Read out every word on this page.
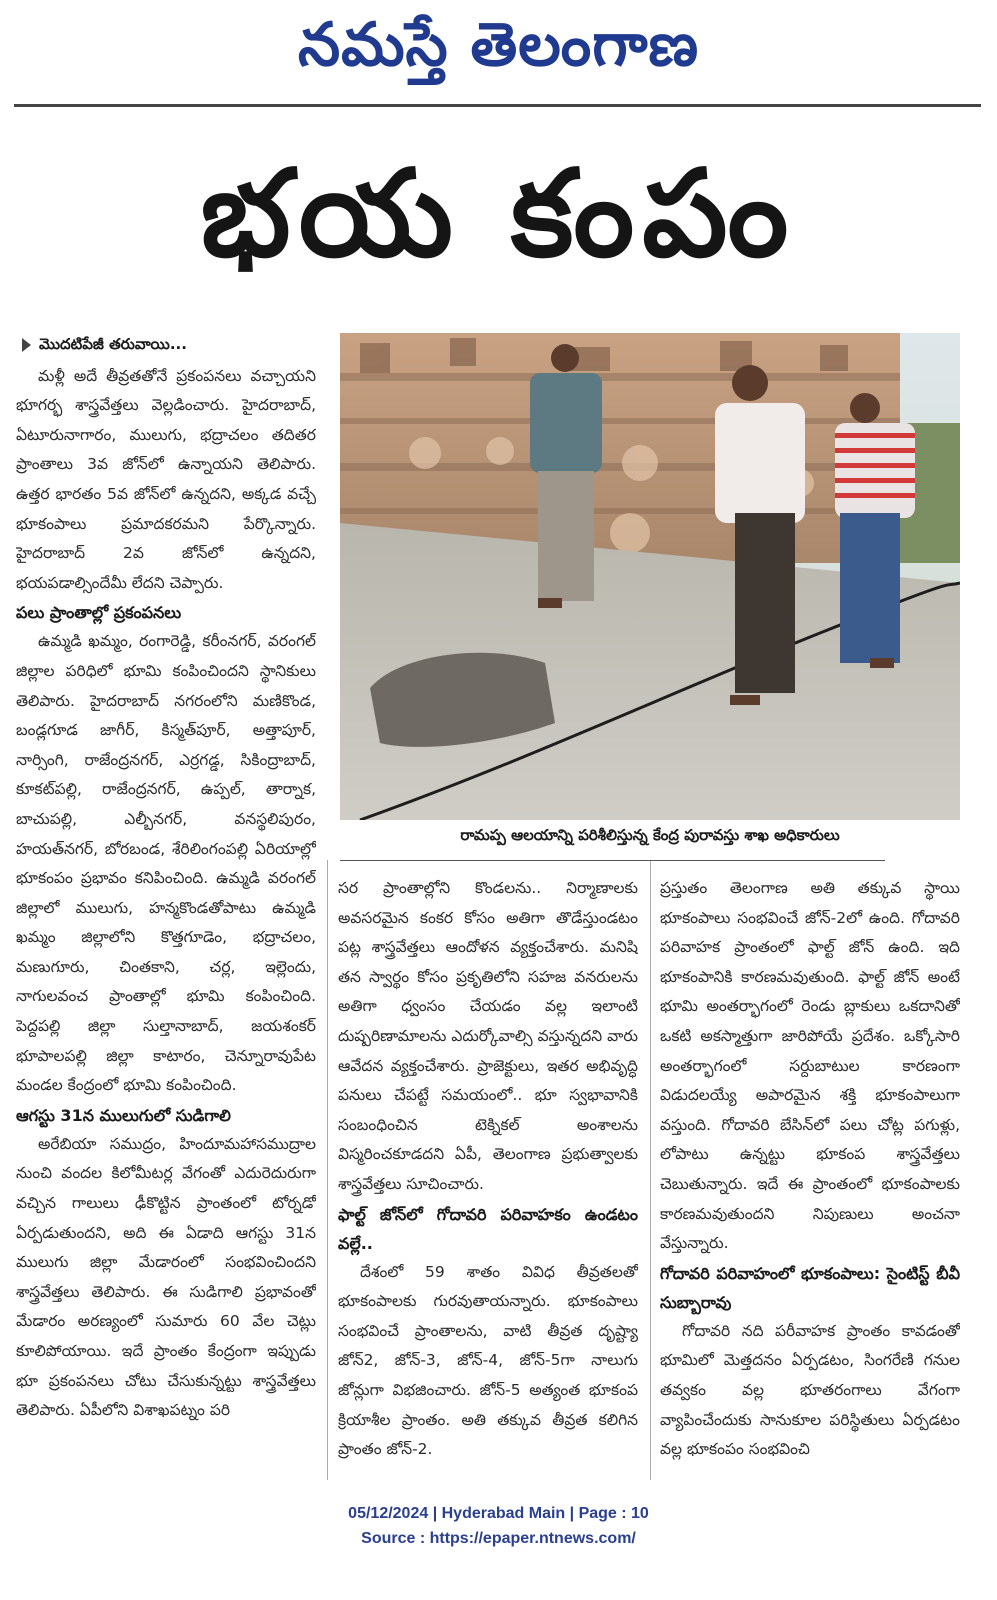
నమస్తే తెలంగాణ
భయ కంపం
మొదటిపేజీ తరువాయి...

మళ్లీ అదే తీవ్రతతోనే ప్రకంపనలు వచ్చాయని భూగర్భ శాస్త్రవేత్తలు వెల్లడించారు. హైదరాబాద్, ఏటూరునాగారం, ములుగు, భద్రాచలం తదితర ప్రాంతాలు 3వ జోన్‌లో ఉన్నాయని తెలిపారు. ఉత్తర భారతం 5వ జోన్‌లో ఉన్నదని, అక్కడ వచ్చే భూకంపాలు ప్రమాదకరమని పేర్కొన్నారు. హైదరాబాద్ 2వ జోన్‌లో ఉన్నదని, భయపడాల్సిందేమీ లేదని చెప్పారు.

పలు ప్రాంతాల్లో ప్రకంపనలు

ఉమ్మడి ఖమ్మం, రంగారెడ్డి, కరీంనగర్, వరంగల్ జిల్లాల పరిధిలో భూమి కంపించిందని స్థానికులు తెలిపారు. హైదరాబాద్ నగరంలోని మణికొండ, బండ్లగూడ జాగీర్, కిస్మత్‌పూర్, అత్తాపూర్, నార్సింగి, రాజేంద్రనగర్, ఎర్రగడ్డ, సికింద్రాబాద్, కూకట్‌పల్లి, రాజేంద్రనగర్, ఉప్పల్, తార్నాక, బాచుపల్లి, ఎల్బీనగర్, వనస్థలిపురం, హయత్‌నగర్, బోరబండ, శేరిలింగంపల్లి ఏరియాల్లో భూకంపం ప్రభావం కనిపించింది. ఉమ్మడి వరంగల్ జిల్లాలో ములుగు, హన్మకొండతోపాటు ఉమ్మడి ఖమ్మం జిల్లాలోని కొత్తగూడెం, భద్రాచలం, మణుగూరు, చింతకాని, చర్ల, ఇల్లెందు, నాగులవంచ ప్రాంతాల్లో భూమి కంపించింది. పెద్దపల్లి జిల్లా సుల్తానాబాద్, జయశంకర్ భూపాలపల్లి జిల్లా కాటారం, చెన్నూరావుపేట మండల కేంద్రంలో భూమి కంపించింది.

ఆగస్టు 31న ములుగులో సుడిగాలి

అరేబియా సముద్రం, హిందూమహాసముద్రాల నుంచి వందల కిలోమీటర్ల వేగంతో ఎదురెదురుగా వచ్చిన గాలులు ఢీకొట్టిన ప్రాంతంలో టోర్నడో ఏర్పడుతుందని, అది ఈ ఏడాది ఆగస్టు 31న ములుగు జిల్లా మేడారంలో సంభవించిందని శాస్త్రవేత్తలు తెలిపారు. ఈ సుడిగాలి ప్రభావంతో మేడారం అరణ్యంలో సుమారు 60 వేల చెట్లు కూలిపోయాయి. ఇదే ప్రాంతం కేంద్రంగా ఇప్పుడు భూ ప్రకంపనలు చోటు చేసుకున్నట్టు శాస్త్రవేత్తలు తెలిపారు. ఏపీలోని విశాఖపట్నం పరి

రామప్ప ఆలయాన్ని పరిశీలిస్తున్న కేంద్ర పురావస్తు శాఖ అధికారులు

సర ప్రాంతాల్లోని కొండలను.. నిర్మాణాలకు అవసరమైన కంకర కోసం అతిగా తొడేస్తుండటం పట్ల శాస్త్రవేత్తలు ఆందోళన వ్యక్తంచేశారు. మనిషి తన స్వార్థం కోసం ప్రకృతిలోని సహజ వనరులను అతిగా ధ్వంసం చేయడం వల్ల ఇలాంటి దుష్పరిణామాలను ఎదుర్కోవాల్సి వస్తున్నదని వారు ఆవేదన వ్యక్తంచేశారు. ప్రాజెక్టులు, ఇతర అభివృద్ధి పనులు చేపట్టే సమయంలో.. భూ స్వభావానికి సంబంధించిన టెక్నికల్ అంశాలను విస్మరించకూడదని ఏపీ, తెలంగాణ ప్రభుత్వాలకు శాస్త్రవేత్తలు సూచించారు.

ఫాల్ట్ జోన్‌లో గోదావరి పరివాహకం ఉండటం వల్లే..

దేశంలో 59 శాతం వివిధ తీవ్రతలతో భూకంపాలకు గురవుతాయన్నారు. భూకంపాలు సంభవించే ప్రాంతాలను, వాటి తీవ్రత దృష్ట్యా జోన్2, జోన్-3, జోన్-4, జోన్-5గా నాలుగు జోన్లుగా విభజించారు. జోన్-5 అత్యంత భూకంప క్రియాశీల ప్రాంతం. అతి తక్కువ తీవ్రత కలిగిన ప్రాంతం జోన్-2.

ప్రస్తుతం తెలంగాణ అతి తక్కువ స్థాయి భూకంపాలు సంభవించే జోన్-2లో ఉంది. గోదావరి పరివాహక ప్రాంతంలో ఫాల్ట్ జోన్ ఉంది. ఇది భూకంపానికి కారణమవుతుంది. ఫాల్ట్ జోన్ అంటే భూమి అంతర్భాగంలో రెండు బ్లాకులు ఒకదానితో ఒకటి అకస్మాత్తుగా జారిపోయే ప్రదేశం. ఒక్కోసారి అంతర్భాగంలో సర్దుబాటుల కారణంగా విడుదలయ్యే అపారమైన శక్తి భూకంపాలుగా వస్తుంది. గోదావరి బేసిన్‌లో పలు చోట్ల పగుళ్లు, లోపాటు ఉన్నట్టు భూకంప శాస్త్రవేత్తలు చెబుతున్నారు. ఇదే ఈ ప్రాంతంలో భూకంపాలకు కారణమవుతుందని నిపుణులు అంచనా వేస్తున్నారు.

గోదావరి పరివాహంలో భూకంపాలు: సైంటిస్ట్ బీవీ సుబ్బారావు

గోదావరి నది పరీవాహక ప్రాంతం కావడంతో భూమిలో మెత్తదనం ఏర్పడటం, సింగరేణి గనుల తవ్వకం వల్ల భూతరంగాలు వేగంగా వ్యాపించేందుకు సానుకూల పరిస్థితులు ఏర్పడటం వల్ల భూకంపం సంభవించి

05/12/2024 | Hyderabad Main | Page : 10
Source : https://epaper.ntnews.com/
